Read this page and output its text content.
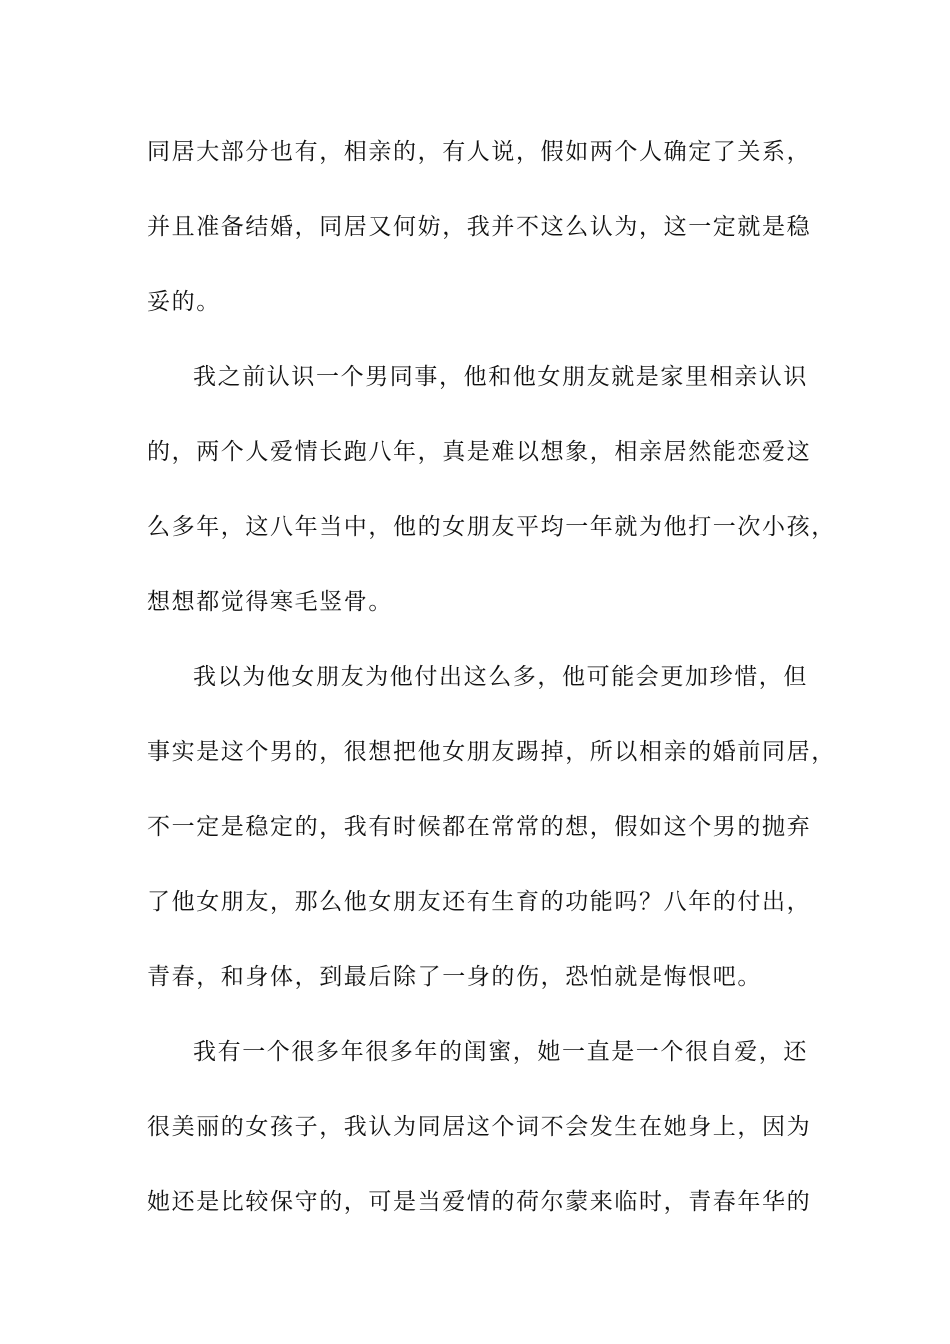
同居大部分也有，相亲的，有人说，假如两个人确定了关系，
并且准备结婚，同居又何妨，我并不这么认为，这一定就是稳
妥的。
我之前认识一个男同事，他和他女朋友就是家里相亲认识
的，两个人爱情长跑八年，真是难以想象，相亲居然能恋爱这
么多年，这八年当中，他的女朋友平均一年就为他打一次小孩，
想想都觉得寒毛竖骨。
我以为他女朋友为他付出这么多，他可能会更加珍惜，但
事实是这个男的，很想把他女朋友踢掉，所以相亲的婚前同居，
不一定是稳定的，我有时候都在常常的想，假如这个男的抛弃
了他女朋友，那么他女朋友还有生育的功能吗？八年的付出，
青春，和身体，到最后除了一身的伤，恐怕就是悔恨吧。
我有一个很多年很多年的闺蜜，她一直是一个很自爱，还
很美丽的女孩子，我认为同居这个词不会发生在她身上，因为
她还是比较保守的，可是当爱情的荷尔蒙来临时，青春年华的
